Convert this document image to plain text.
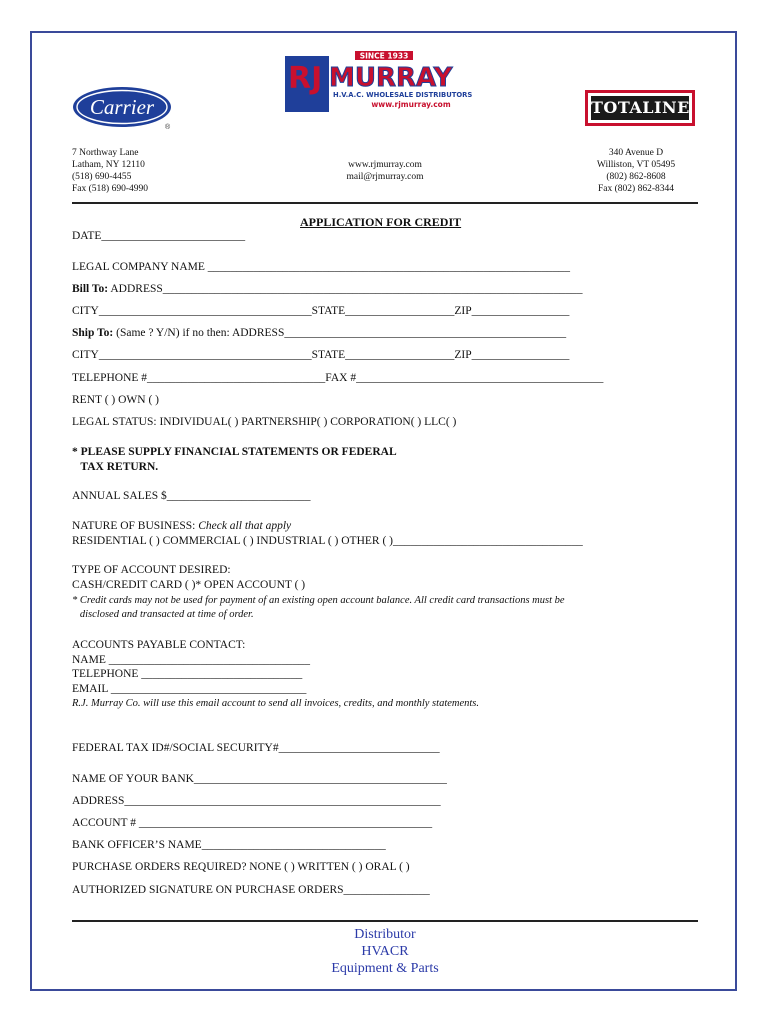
Carrier
®
RJ
SINCE 1933
MURRAY
H.V.A.C. WHOLESALE DISTRIBUTORS
www.rjmurray.com	TOTALINE
7 Northway Lane
Latham, NY 12110
(518) 690-4455
Fax (518) 690-4990
www.rjmurray.com
mail@rjmurray.com
340 Avenue D
Williston, VT 05495
(802) 862-8608
Fax (802) 862-8344
APPLICATION FOR CREDIT
DATE_________________________
LEGAL COMPANY NAME _______________________________________________________________
Bill To: ADDRESS_________________________________________________________________________
CITY_____________________________________STATE___________________ZIP_________________
Ship To: (Same ? Y/N) if no then: ADDRESS_________________________________________________
CITY_____________________________________STATE___________________ZIP_________________
TELEPHONE #_______________________________FAX #___________________________________________
RENT ( ) OWN ( )
LEGAL STATUS: INDIVIDUAL( ) PARTNERSHIP( ) CORPORATION( ) LLC( )
* PLEASE SUPPLY FINANCIAL STATEMENTS OR FEDERAL
TAX RETURN.
ANNUAL SALES $_________________________
NATURE OF BUSINESS: Check all that apply
RESIDENTIAL ( ) COMMERCIAL ( ) INDUSTRIAL ( ) OTHER ( )_________________________________
TYPE OF ACCOUNT DESIRED:
CASH/CREDIT CARD ( )* OPEN ACCOUNT ( )
* Credit cards may not be used for payment of an existing open account balance. All credit card transactions must be
disclosed and transacted at time of order.
ACCOUNTS PAYABLE CONTACT:
NAME ___________________________________
TELEPHONE ____________________________
EMAIL __________________________________
R.J. Murray Co. will use this email account to send all invoices, credits, and monthly statements.
FEDERAL TAX ID#/SOCIAL SECURITY#____________________________
NAME OF YOUR BANK____________________________________________
ADDRESS_______________________________________________________
ACCOUNT # ___________________________________________________
BANK OFFICER’S NAME________________________________
PURCHASE ORDERS REQUIRED? NONE ( ) WRITTEN ( ) ORAL ( )
AUTHORIZED SIGNATURE ON PURCHASE ORDERS_______________
Distributor
HVACR
Equipment & Parts
